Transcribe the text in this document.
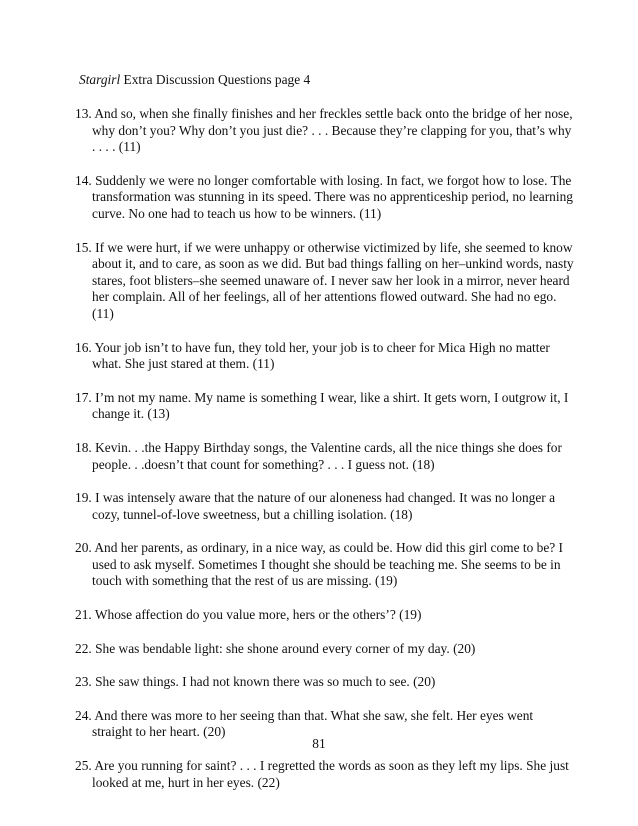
Stargirl Extra Discussion Questions page 4
13. And so, when she finally finishes and her freckles settle back onto the bridge of her nose, why don’t you? Why don’t you just die? . . . Because they’re clapping for you, that’s why . . . . (11)
14. Suddenly we were no longer comfortable with losing. In fact, we forgot how to lose. The transformation was stunning in its speed. There was no apprenticeship period, no learning curve. No one had to teach us how to be winners. (11)
15. If we were hurt, if we were unhappy or otherwise victimized by life, she seemed to know about it, and to care, as soon as we did. But bad things falling on her–unkind words, nasty stares, foot blisters–she seemed unaware of. I never saw her look in a mirror, never heard her complain. All of her feelings, all of her attentions flowed outward. She had no ego. (11)
16. Your job isn’t to have fun, they told her, your job is to cheer for Mica High no matter what. She just stared at them. (11)
17. I’m not my name. My name is something I wear, like a shirt. It gets worn, I outgrow it, I change it. (13)
18. Kevin. . .the Happy Birthday songs, the Valentine cards, all the nice things she does for people. . .doesn’t that count for something? . . . I guess not. (18)
19. I was intensely aware that the nature of our aloneness had changed. It was no longer a cozy, tunnel-of-love sweetness, but a chilling isolation. (18)
20. And her parents, as ordinary, in a nice way, as could be. How did this girl come to be? I used to ask myself. Sometimes I thought she should be teaching me. She seems to be in touch with something that the rest of us are missing. (19)
21. Whose affection do you value more, hers or the others’? (19)
22. She was bendable light: she shone around every corner of my day. (20)
23. She saw things. I had not known there was so much to see. (20)
24. And there was more to her seeing than that. What she saw, she felt. Her eyes went straight to her heart. (20)
25. Are you running for saint? . . . I regretted the words as soon as they left my lips. She just looked at me, hurt in her eyes. (22)
81
